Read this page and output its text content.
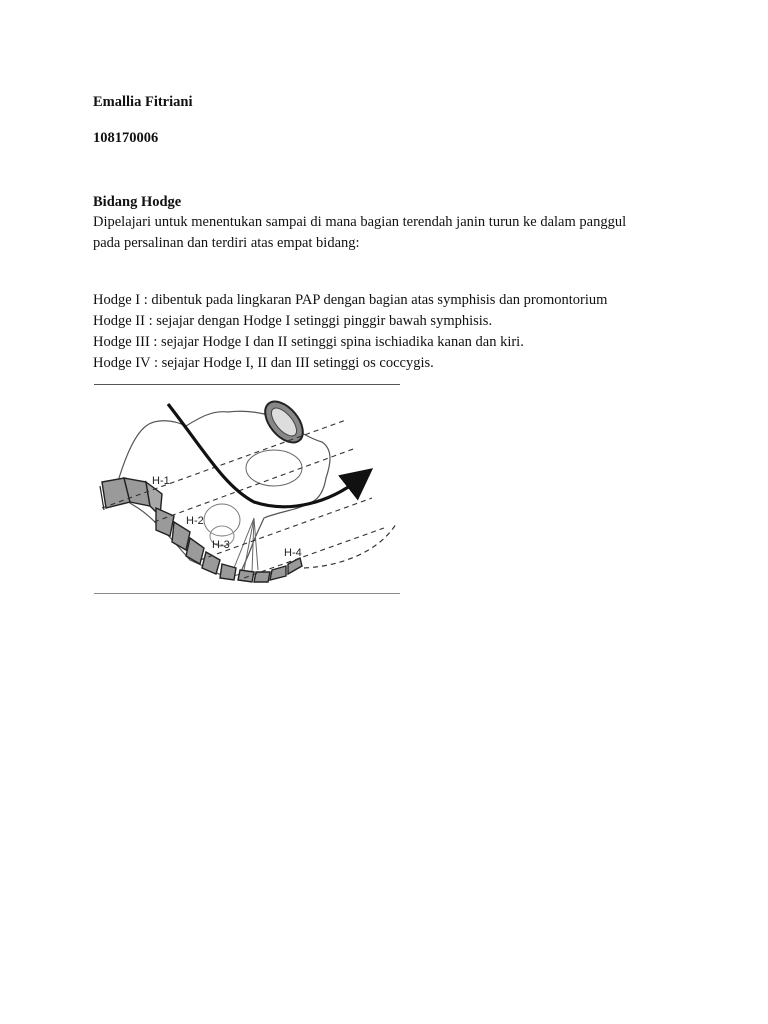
Emallia Fitriani
108170006
Bidang Hodge
Dipelajari untuk menentukan sampai di mana bagian terendah janin turun ke dalam panggul
pada persalinan dan terdiri atas empat bidang:
Hodge I : dibentuk pada lingkaran PAP dengan bagian atas symphisis dan promontorium
Hodge II : sejajar dengan Hodge I setinggi pinggir bawah symphisis.
Hodge III : sejajar Hodge I dan II setinggi spina ischiadika kanan dan kiri.
Hodge IV : sejajar Hodge I, II dan III setinggi os coccygis.
H-1
H-2
H-3
H-4
